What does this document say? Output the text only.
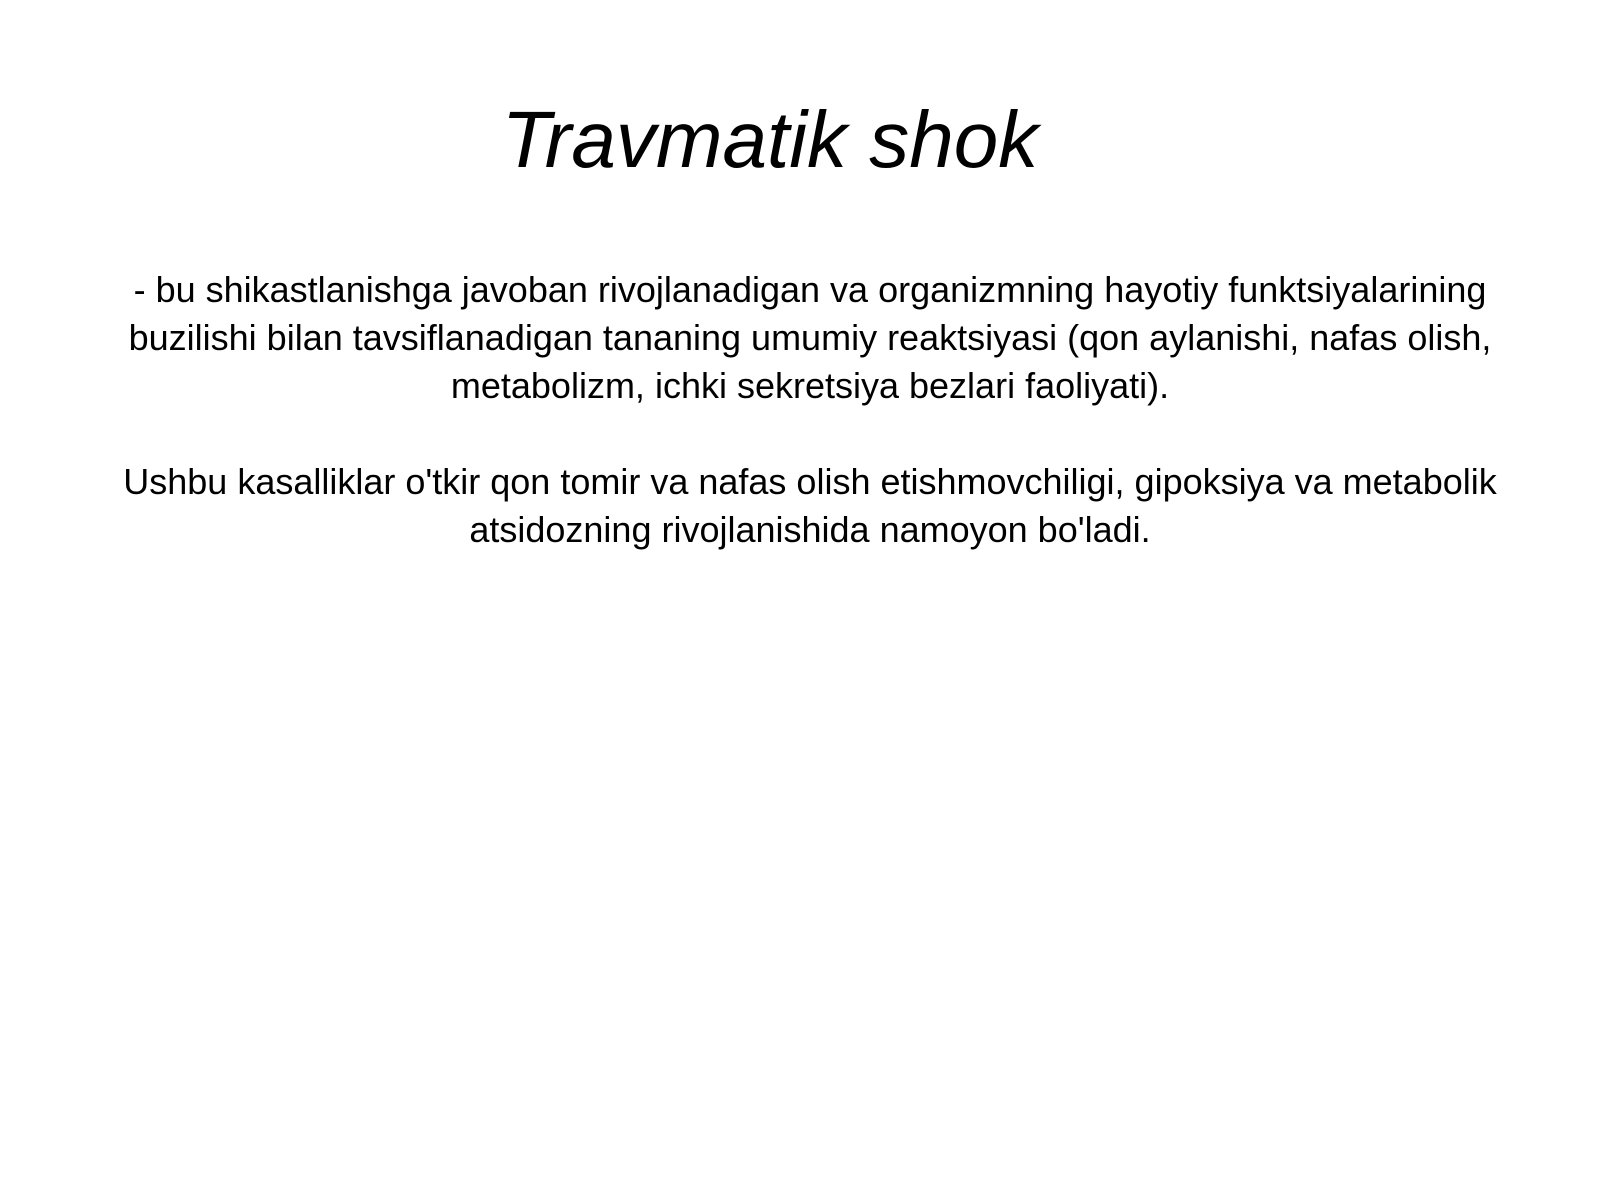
Travmatik shok

- bu shikastlanishga javoban rivojlanadigan va organizmning hayotiy funktsiyalarining buzilishi bilan tavsiflanadigan tananing umumiy reaktsiyasi (qon aylanishi, nafas olish, metabolizm, ichki sekretsiya bezlari faoliyati).

Ushbu kasalliklar o'tkir qon tomir va nafas olish etishmovchiligi, gipoksiya va metabolik atsidozning rivojlanishida namoyon bo'ladi.
